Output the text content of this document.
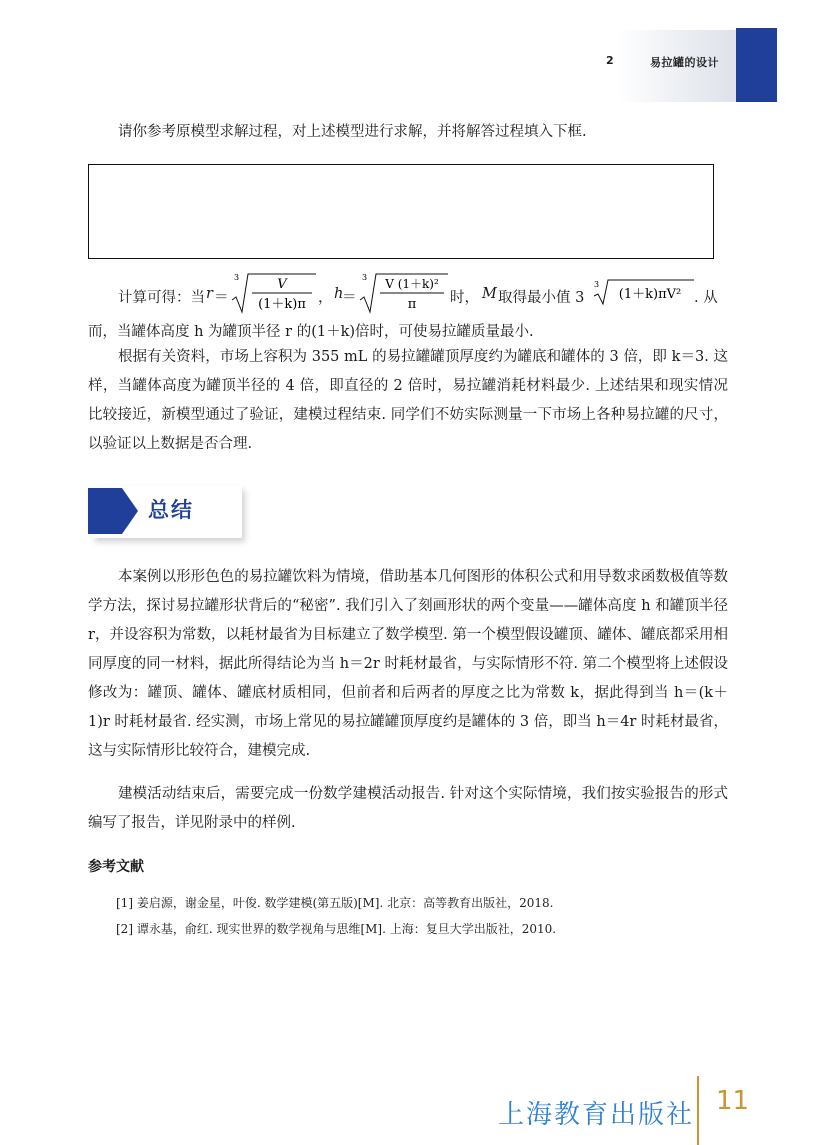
2	易拉罐的设计

请你参考原模型求解过程，对上述模型进行求解，并将解答过程填入下框.

计算可得：当 r ＝
3	V
(1＋k)π ， h
＝
3 V (1＋k)²
π 时， M 取得最小值 3
3
(1＋k)πV² . 从

而，当罐体高度 h 为罐顶半径 r 的(1＋k)倍时，可使易拉罐质量最小.

根据有关资料，市场上容积为 355 mL 的易拉罐罐顶厚度约为罐底和罐体的 3 倍，即 k＝3. 这样，当罐体高度为罐顶半径的 4 倍，即直径的 2 倍时，易拉罐消耗材料最少. 上述结果和现实情况比较接近，新模型通过了验证，建模过程结束. 同学们不妨实际测量一下市场上各种易拉罐的尺寸，以验证以上数据是否合理.

总结

本案例以形形色色的易拉罐饮料为情境，借助基本几何图形的体积公式和用导数求函数极值等数学方法，探讨易拉罐形状背后的“秘密”. 我们引入了刻画形状的两个变量——罐体高度 h 和罐顶半径 r，并设容积为常数，以耗材最省为目标建立了数学模型. 第一个模型假设罐顶、罐体、罐底都采用相同厚度的同一材料，据此所得结论为当 h＝2r 时耗材最省，与实际情形不符. 第二个模型将上述假设修改为：罐顶、罐体、罐底材质相同，但前者和后两者的厚度之比为常数 k，据此得到当 h＝(k＋1)r 时耗材最省. 经实测，市场上常见的易拉罐罐顶厚度约是罐体的 3 倍，即当 h＝4r 时耗材最省，这与实际情形比较符合，建模完成.

建模活动结束后，需要完成一份数学建模活动报告. 针对这个实际情境，我们按实验报告的形式编写了报告，详见附录中的样例.

参考文献
[1] 姜启源，谢金星，叶俊. 数学建模(第五版)[M]. 北京：高等教育出版社，2018.
[2] 谭永基，俞红. 现实世界的数学视角与思维[M]. 上海：复旦大学出版社，2010.
上海教育出版社 11
